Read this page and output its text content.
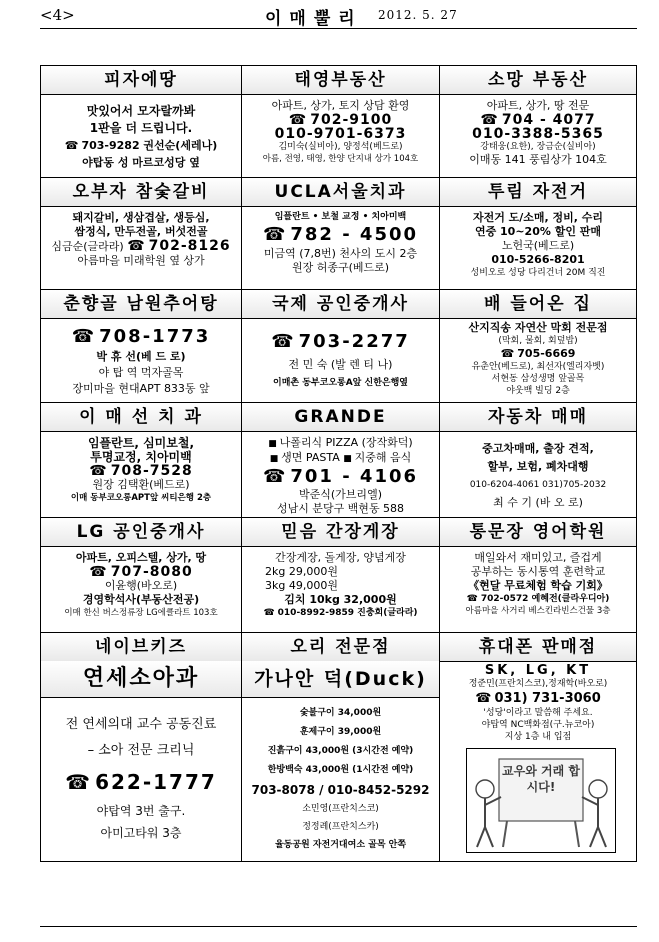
<4>	이매뿔리 2012. 5. 27
피자에땅
맛있어서 모자랄까봐
1판을 더 드립니다.
☎ 703-9282 권선순(세레나)
야탑동 성 마르코성당 옆
태영부동산
아파트, 상가, 토지 상담 환영
☎ 702-9100
010-9701-6373
김미숙(실비아), 양정석(베드로)
아름, 전영, 태영, 한양 단지내 상가 104호
소망 부동산
아파트, 상가, 땅 전문
☎ 704 - 4077
010-3388-5365
강태웅(요한), 장금순(실비아)
이매동 141 풍림상가 104호
오부자 참숯갈비
돼지갈비, 생삼겹살, 생등심,
쌈정식, 만두전골, 버섯전골
심금순(글라라) ☎ 702-8126
아름마을 미래학원 옆 상가
UCLA서울치과
임플란트 • 보철 교정 • 치아미백
☎ 782 - 4500
미금역 (7,8번) 천사의 도시 2층
원장 허종구(베드로)
투림 자전거
자전거 도/소매, 정비, 수리
연중 10~20% 할인 판매
노헌국(베드로)
010-5266-8201
성비오로 성당 다리건너 20M 직진
춘향골 남원추어탕
☎ 708-1773
박 휴 선(베 드 로)
야 탑 역 먹자골목
장미마을 현대APT 833동 앞
국제 공인중개사
☎ 703-2277
전 민 숙 (발 렌 티 나)
이매촌 동부코오롱A앞 신한은행옆
배 들어온 집
산지직송 자연산 막회 전문점
(막회, 물회, 회덮밥)
☎ 705-6669
유춘안(베드로), 최선자(엘리자벳)
서현동 삼성생명 앞골목
야웃백 빌딩 2층
이 매 선 치 과
임플란트, 심미보철,
투명교정, 치아미백
☎ 708-7528
원장 김택환(베드로)
이매 동부코오롱APT앞 씨티은행 2층
GRANDE
■ 나폴리식 PIZZA (장작화덕)
■ 생면 PASTA ■ 지중해 음식
☎ 701 - 4106
박준식(가브리엘)
성남시 분당구 백현동 588
자동차 매매
중고차매매, 출장 견적,
할부, 보험, 폐차대행
010-6204-4061 031)705-2032
최 수 기 (바 오 로)
LG 공인중개사
아파트, 오피스텔, 상가, 땅
☎ 707-8080
이윤행(바오로)
경영학석사(부동산전공)
이매 한신 버스정류장 LG에클라트 103호
믿음 간장게장
간장게장, 돌게장, 양념게장
2kg 29,000원
3kg 49,000원
김치 10kg 32,000원
☎ 010-8992-9859 진충희(글라라)
통문장 영어학원
매일와서 재미있고, 즐겁게
공부하는 동시통역 훈련학교
《현달 무료체험 학습 기회》
☎ 702-0572 예혜전(클라우디아)
아름마을 사거리 베스킨라빈스건물 3층
네이브키즈
연세소아과
전 연세의대 교수 공동진료
– 소아 전문 크리닉
☎ 622-1777
야탑역 3번 출구.
아미고타워 3층
오리 전문점
가나안 덕(Duck)
숯불구이 34,000원
훈제구이 39,000원
진흙구이 43,000원 (3시간전 예약)
한방백숙 43,000원 (1시간전 예약)
703-8078 / 010-8452-5292
소민영(프란치스코)
정정례(프란치스카)
율동공원 자전거대여소 골목 안쪽
휴대폰 판매점
SK, LG, KT
정준민(프란치스코),정재학(바오로)
☎ 031) 731-3060
'성당'이라고 말씀해 주세요.
야탑역 NC백화점(구.뉴코아)
지상 1층 내 입점
교우와 거래 합시다!
